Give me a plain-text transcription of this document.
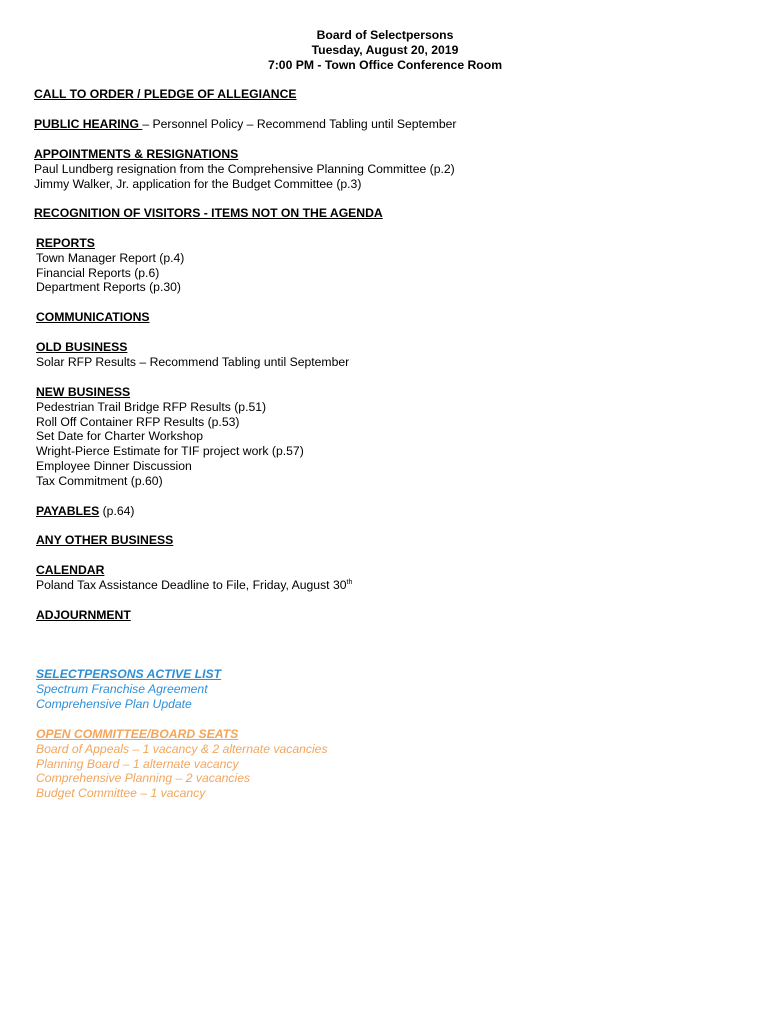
Board of Selectpersons
Tuesday, August 20, 2019
7:00 PM - Town Office Conference Room
CALL TO ORDER / PLEDGE OF ALLEGIANCE
PUBLIC HEARING – Personnel Policy – Recommend Tabling until September
APPOINTMENTS & RESIGNATIONS
Paul Lundberg resignation from the Comprehensive Planning Committee (p.2)
Jimmy Walker, Jr. application for the Budget Committee (p.3)
RECOGNITION OF VISITORS - ITEMS NOT ON THE AGENDA
REPORTS
Town Manager Report (p.4)
Financial Reports (p.6)
Department Reports (p.30)
COMMUNICATIONS
OLD BUSINESS
Solar RFP Results – Recommend Tabling until September
NEW BUSINESS
Pedestrian Trail Bridge RFP Results (p.51)
Roll Off Container RFP Results (p.53)
Set Date for Charter Workshop
Wright-Pierce Estimate for TIF project work (p.57)
Employee Dinner Discussion
Tax Commitment (p.60)
PAYABLES (p.64)
ANY OTHER BUSINESS
CALENDAR
Poland Tax Assistance Deadline to File, Friday, August 30th
ADJOURNMENT
SELECTPERSONS ACTIVE LIST
Spectrum Franchise Agreement
Comprehensive Plan Update
OPEN COMMITTEE/BOARD SEATS
Board of Appeals – 1 vacancy & 2 alternate vacancies
Planning Board – 1 alternate vacancy
Comprehensive Planning – 2 vacancies
Budget Committee – 1 vacancy
